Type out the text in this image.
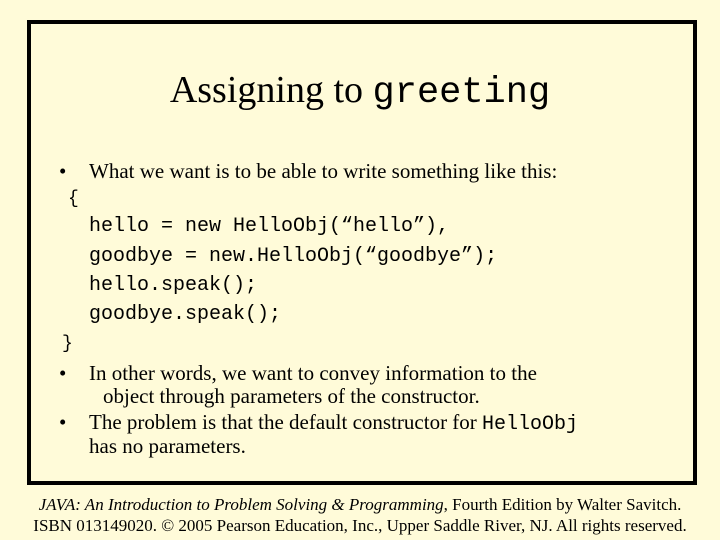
Assigning to greeting
• What we want is to be able to write something like this:
{
hello = new HelloObj(“hello”),
goodbye = new.HelloObj(“goodbye”);
hello.speak();
goodbye.speak();
}
• In other words, we want to convey information to the
object through parameters of the constructor.
• The problem is that the default constructor for HelloObj
has no parameters.
JAVA: An Introduction to Problem Solving & Programming, Fourth Edition by Walter Savitch.
ISBN 013149020. © 2005 Pearson Education, Inc., Upper Saddle River, NJ. All rights reserved.
